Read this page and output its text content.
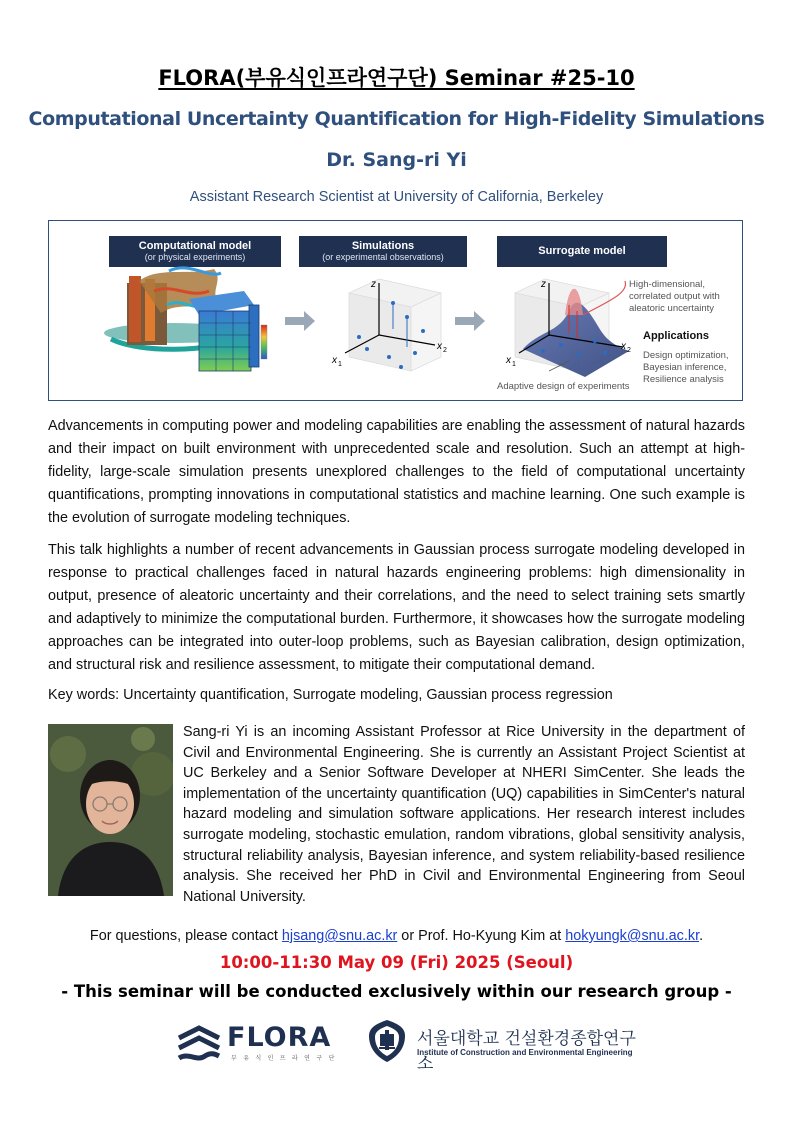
FLORA(부유식인프라연구단) Seminar #25-10
Computational Uncertainty Quantification for High-Fidelity Simulations
Dr. Sang-ri Yi
Assistant Research Scientist at University of California, Berkeley
Computational model
(or physical experiments)
Simulations
(or experimental observations)	Surrogate model
z
x 1
x 2
z
x 1
x 2
High-dimensional,
correlated output with
aleatoric uncertainty
Applications
Design optimization,
Bayesian inference,
Resilience analysis
Adaptive design of experiments

Advancements in computing power and modeling capabilities are enabling the assessment of natural hazards and their impact on built environment with unprecedented scale and resolution. Such an attempt at high-fidelity, large-scale simulation presents unexplored challenges to the field of computational uncertainty quantifications, prompting innovations in computational statistics and machine learning. One such example is the evolution of surrogate modeling techniques.

This talk highlights a number of recent advancements in Gaussian process surrogate modeling developed in response to practical challenges faced in natural hazards engineering problems: high dimensionality in output, presence of aleatoric uncertainty and their correlations, and the need to select training sets smartly and adaptively to minimize the computational burden. Furthermore, it showcases how the surrogate modeling approaches can be integrated into outer-loop problems, such as Bayesian calibration, design optimization, and structural risk and resilience assessment, to mitigate their computational demand.

Key words: Uncertainty quantification, Surrogate modeling, Gaussian process regression

Sang-ri Yi is an incoming Assistant Professor at Rice University in the department of Civil and Environmental Engineering. She is currently an Assistant Project Scientist at UC Berkeley and a Senior Software Developer at NHERI SimCenter. She leads the implementation of the uncertainty quantification (UQ) capabilities in SimCenter's natural hazard modeling and simulation software applications. Her research interest includes surrogate modeling, stochastic emulation, random vibrations, global sensitivity analysis, structural reliability analysis, Bayesian inference, and system reliability-based resilience analysis. She received her PhD in Civil and Environmental Engineering from Seoul National University.

For questions, please contact hjsang@snu.ac.kr or Prof. Ho-Kyung Kim at hokyungk@snu.ac.kr.
10:00-11:30 May 09 (Fri) 2025 (Seoul)
- This seminar will be conducted exclusively within our research group -
FLORA
부유식인프라연구단
서울대학교 건설환경종합연구소
Institute of Construction and Environmental Engineering
